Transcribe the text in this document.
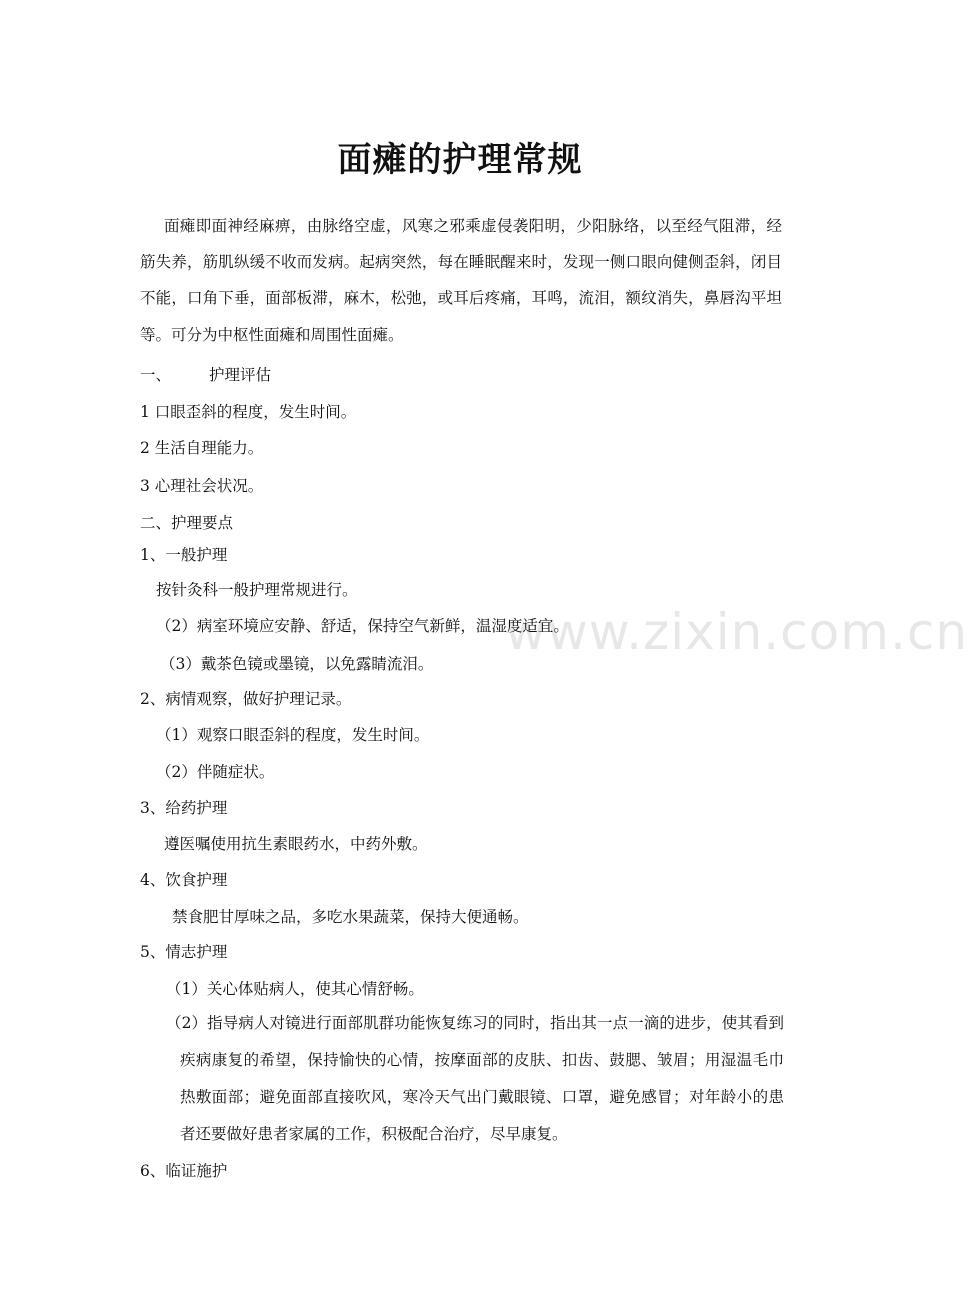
面瘫的护理常规

面瘫即面神经麻痹，由脉络空虚，风寒之邪乘虚侵袭阳明，少阳脉络，以至经气阻滞，经筋失养，筋肌纵缓不收而发病。起病突然，每在睡眠醒来时，发现一侧口眼向健侧歪斜，闭目不能，口角下垂，面部板滞，麻木，松弛，或耳后疼痛，耳鸣，流泪，额纹消失，鼻唇沟平坦等。可分为中枢性面瘫和周围性面瘫。

一、 护理评估
1 口眼歪斜的程度，发生时间。
2 生活自理能力。
3 心理社会状况。
二、护理要点
1、一般护理
按针灸科一般护理常规进行。
（2）病室环境应安静、舒适，保持空气新鲜，温湿度适宜。
（3）戴茶色镜或墨镜，以免露睛流泪。
2、病情观察，做好护理记录。
（1）观察口眼歪斜的程度，发生时间。
（2）伴随症状。
3、给药护理
遵医嘱使用抗生素眼药水，中药外敷。
4、饮食护理
禁食肥甘厚味之品，多吃水果蔬菜，保持大便通畅。
5、情志护理
（1）关心体贴病人，使其心情舒畅。

（2）指导病人对镜进行面部肌群功能恢复练习的同时，指出其一点一滴的进步，使其看到疾病康复的希望，保持愉快的心情，按摩面部的皮肤、扣齿、鼓腮、皱眉；用湿温毛巾热敷面部；避免面部直接吹风，寒冷天气出门戴眼镜、口罩，避免感冒；对年龄小的患者还要做好患者家属的工作，积极配合治疗，尽早康复。

6、临证施护
www.zixin.com.cn
